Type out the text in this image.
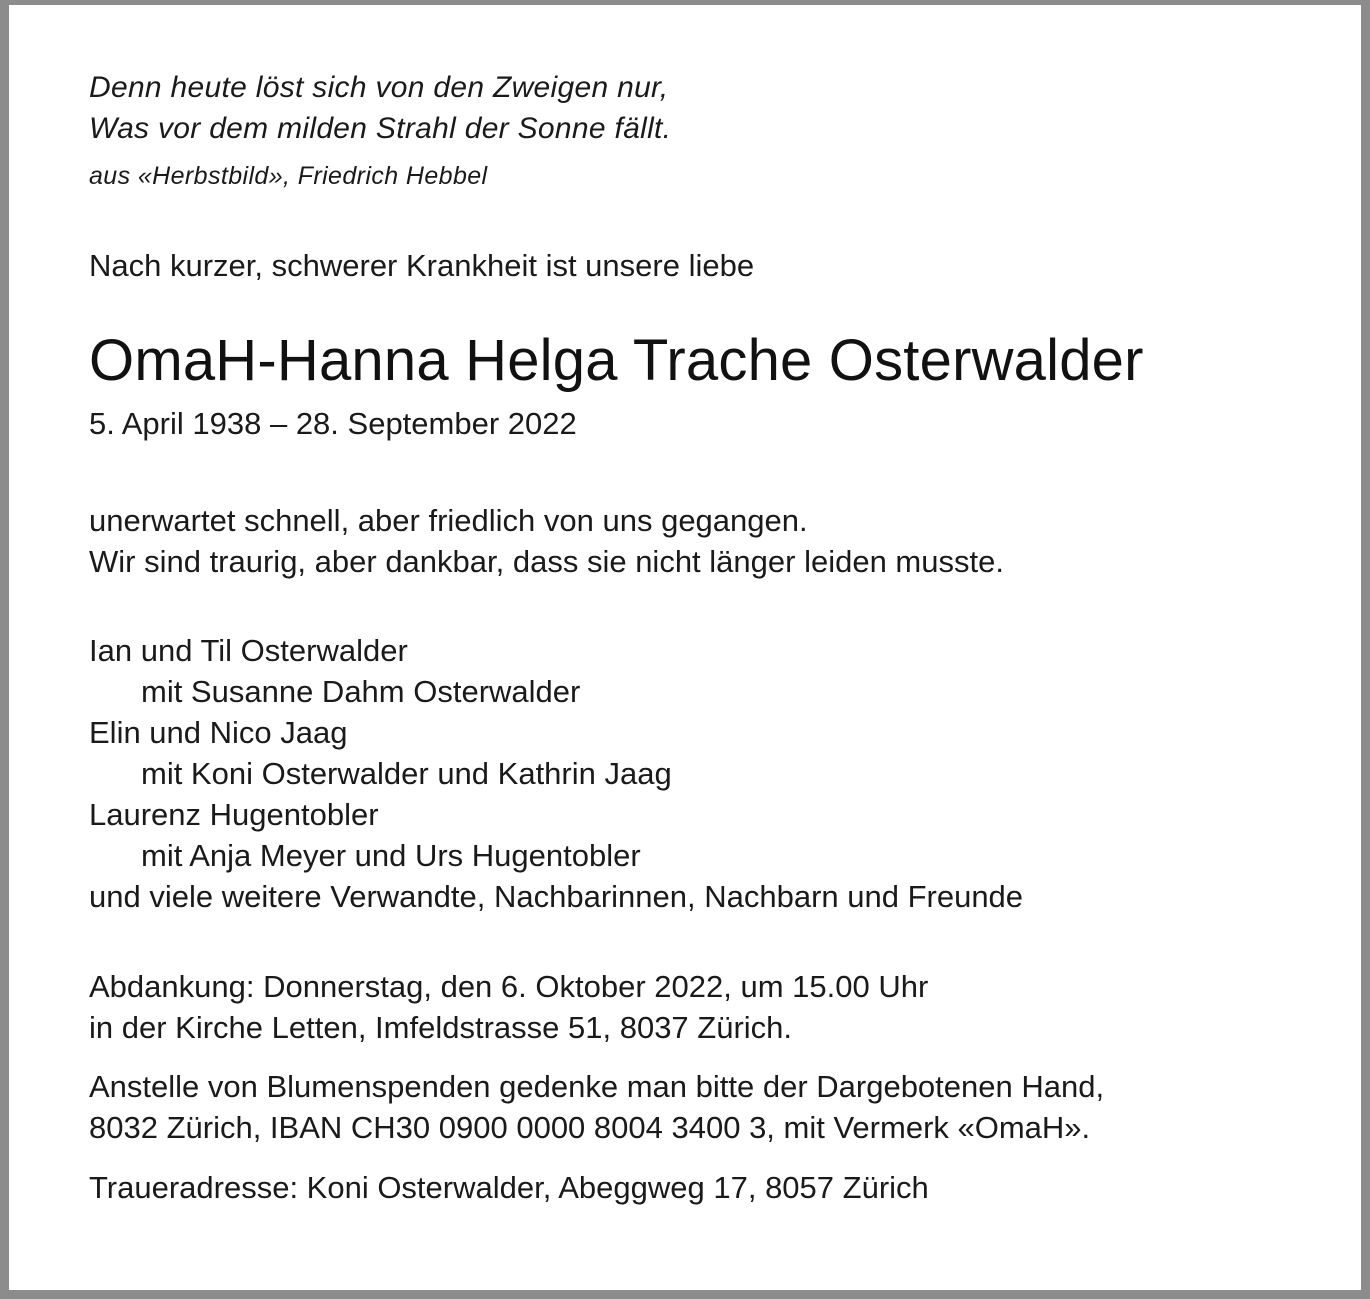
Denn heute löst sich von den Zweigen nur,
Was vor dem milden Strahl der Sonne fällt.
aus «Herbstbild», Friedrich Hebbel
Nach kurzer, schwerer Krankheit ist unsere liebe
OmaH-Hanna Helga Trache Osterwalder
5. April 1938 – 28. September 2022
unerwartet schnell, aber friedlich von uns gegangen.
Wir sind traurig, aber dankbar, dass sie nicht länger leiden musste.
Ian und Til Osterwalder
mit Susanne Dahm Osterwalder
Elin und Nico Jaag
mit Koni Osterwalder und Kathrin Jaag
Laurenz Hugentobler
mit Anja Meyer und Urs Hugentobler
und viele weitere Verwandte, Nachbarinnen, Nachbarn und Freunde
Abdankung: Donnerstag, den 6. Oktober 2022, um 15.00 Uhr
in der Kirche Letten, Imfeldstrasse 51, 8037 Zürich.
Anstelle von Blumenspenden gedenke man bitte der Dargebotenen Hand,
8032 Zürich, IBAN CH30 0900 0000 8004 3400 3, mit Vermerk «OmaH».
Traueradresse: Koni Osterwalder, Abeggweg 17, 8057 Zürich
